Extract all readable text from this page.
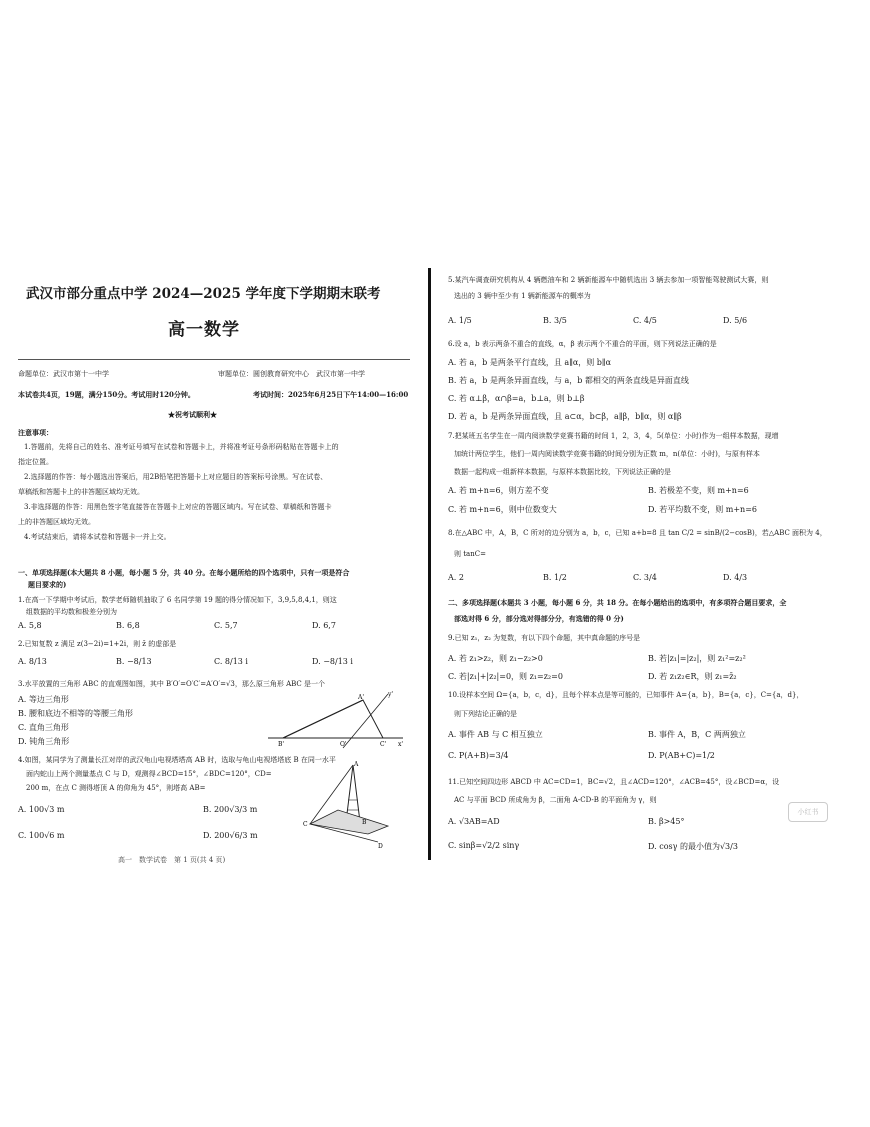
武汉市部分重点中学 2024—2025 学年度下学期期末联考
高一数学
命题单位：武汉市第十一中学	审题单位：圆创教育研究中心　武汉市第一中学
本试卷共4页，19题，满分150分。考试用时120分钟。	考试时间：2025年6月25日下午14:00—16:00
★祝考试顺利★
注意事项：
1.答题前，先将自己的姓名、准考证号填写在试卷和答题卡上，并将准考证号条形码粘贴在答题卡上的
指定位置。
2.选择题的作答：每小题选出答案后，用2B铅笔把答题卡上对应题目的答案标号涂黑。写在试卷、
草稿纸和答题卡上的非答题区域均无效。
3.非选择题的作答：用黑色签字笔直接答在答题卡上对应的答题区域内。写在试卷、草稿纸和答题卡
上的非答题区域均无效。
4.考试结束后，请将本试卷和答题卡一并上交。
一、单项选择题(本大题共 8 小题，每小题 5 分，共 40 分。在每小题所给的四个选项中，只有一项是符合
题目要求的)
1.在高一下学期中考试后，数学老师随机抽取了 6 名同学第 19 题的得分情况如下，3,9,5,8,4,1，则这
组数据的平均数和极差分别为
A. 5,8	B. 6,8	C. 5,7	D. 6,7
2.已知复数 z 满足 z(3−2i)=1+2i，则 z̄ 的虚部是
A. 8/13	B. −8/13	C. 8/13 i	D. −8/13 i
3.水平放置的三角形 ABC 的直观图如图，其中 B′O′=O′C′=A′O′=√3，那么原三角形 ABC 是一个
A. 等边三角形
B. 腰和底边不相等的等腰三角形
C. 直角三角形
D. 钝角三角形
A'	y'
B'	O'	C' x'
4.如图，某同学为了测量长江对岸的武汉龟山电视塔塔高 AB 时，选取与龟山电视塔塔底 B 在同一水平
面内蛇山上两个测量基点 C 与 D，观测得∠BCD=15°，∠BDC=120°，CD=
200 m，在点 C 测得塔顶 A 的仰角为 45°，则塔高 AB=
A. 100√3 m	B. 200√3/3 m
C. 100√6 m	D. 200√6/3 m
A
C
D
B
高一　数学试卷　第 1 页(共 4 页)
5.某汽车调查研究机构从 4 辆燃油车和 2 辆新能源车中随机选出 3 辆去参加一项智能驾驶测试大赛，则
选出的 3 辆中至少有 1 辆新能源车的概率为
A. 1/5	B. 3/5	C. 4/5	D. 5/6
6.设 a，b 表示两条不重合的直线，α，β 表示两个不重合的平面，则下列说法正确的是
A. 若 a，b 是两条平行直线，且 a∥α，则 b∥α
B. 若 a，b 是两条异面直线，与 a，b 都相交的两条直线是异面直线
C. 若 α⊥β，α∩β=a，b⊥a，则 b⊥β
D. 若 a，b 是两条异面直线，且 a⊂α，b⊂β，a∥β，b∥α，则 α∥β
7.把某班五名学生在一周内阅读数学竞赛书籍的时间 1，2，3，4，5(单位：小时)作为一组样本数据，现增
加统计两位学生，他们一周内阅读数学竞赛书籍的时间分别为正数 m，n(单位：小时)，与原有样本
数据一起构成一组新样本数据，与原样本数据比较，下列说法正确的是
A. 若 m+n=6，则方差不变	B. 若极差不变，则 m+n=6
C. 若 m+n=6，则中位数变大	D. 若平均数不变，则 m+n=6
8.在△ABC 中，A，B，C 所对的边分别为 a，b，c，已知 a+b=8 且 tan C/2 = sinB/(2−cosB)，若△ABC 面积为 4，
则 tanC=
A. 2	B. 1/2	C. 3/4	D. 4/3
二、多项选择题(本题共 3 小题，每小题 6 分，共 18 分。在每小题给出的选项中，有多项符合题目要求，全
部选对得 6 分，部分选对得部分分，有选错的得 0 分)
9.已知 z₁，z₂ 为复数，有以下四个命题，其中真命题的序号是
A. 若 z₁>z₂，则 z₁−z₂>0	B. 若|z₁|=|z₂|，则 z₁²=z₂²
C. 若|z₁|+|z₂|=0，则 z₁=z₂=0	D. 若 z₁z₂∈R，则 z₁=z̄₂
10.设样本空间 Ω={a，b，c，d}，且每个样本点是等可能的，已知事件 A={a，b}，B={a，c}，C={a，d}，
则下列结论正确的是
A. 事件 AB 与 C 相互独立	B. 事件 A，B，C 两两独立
C. P(A+B)=3/4	D. P(AB+C)=1/2
11.已知空间四边形 ABCD 中 AC=CD=1，BC=√2，且∠ACD=120°，∠ACB=45°，设∠BCD=α，设
AC 与平面 BCD 所成角为 β，二面角 A-CD-B 的平面角为 γ，则
A. √3AB=AD	B. β>45°
C. sinβ=√2/2 sinγ	D. cosγ 的最小值为√3/3
小红书
